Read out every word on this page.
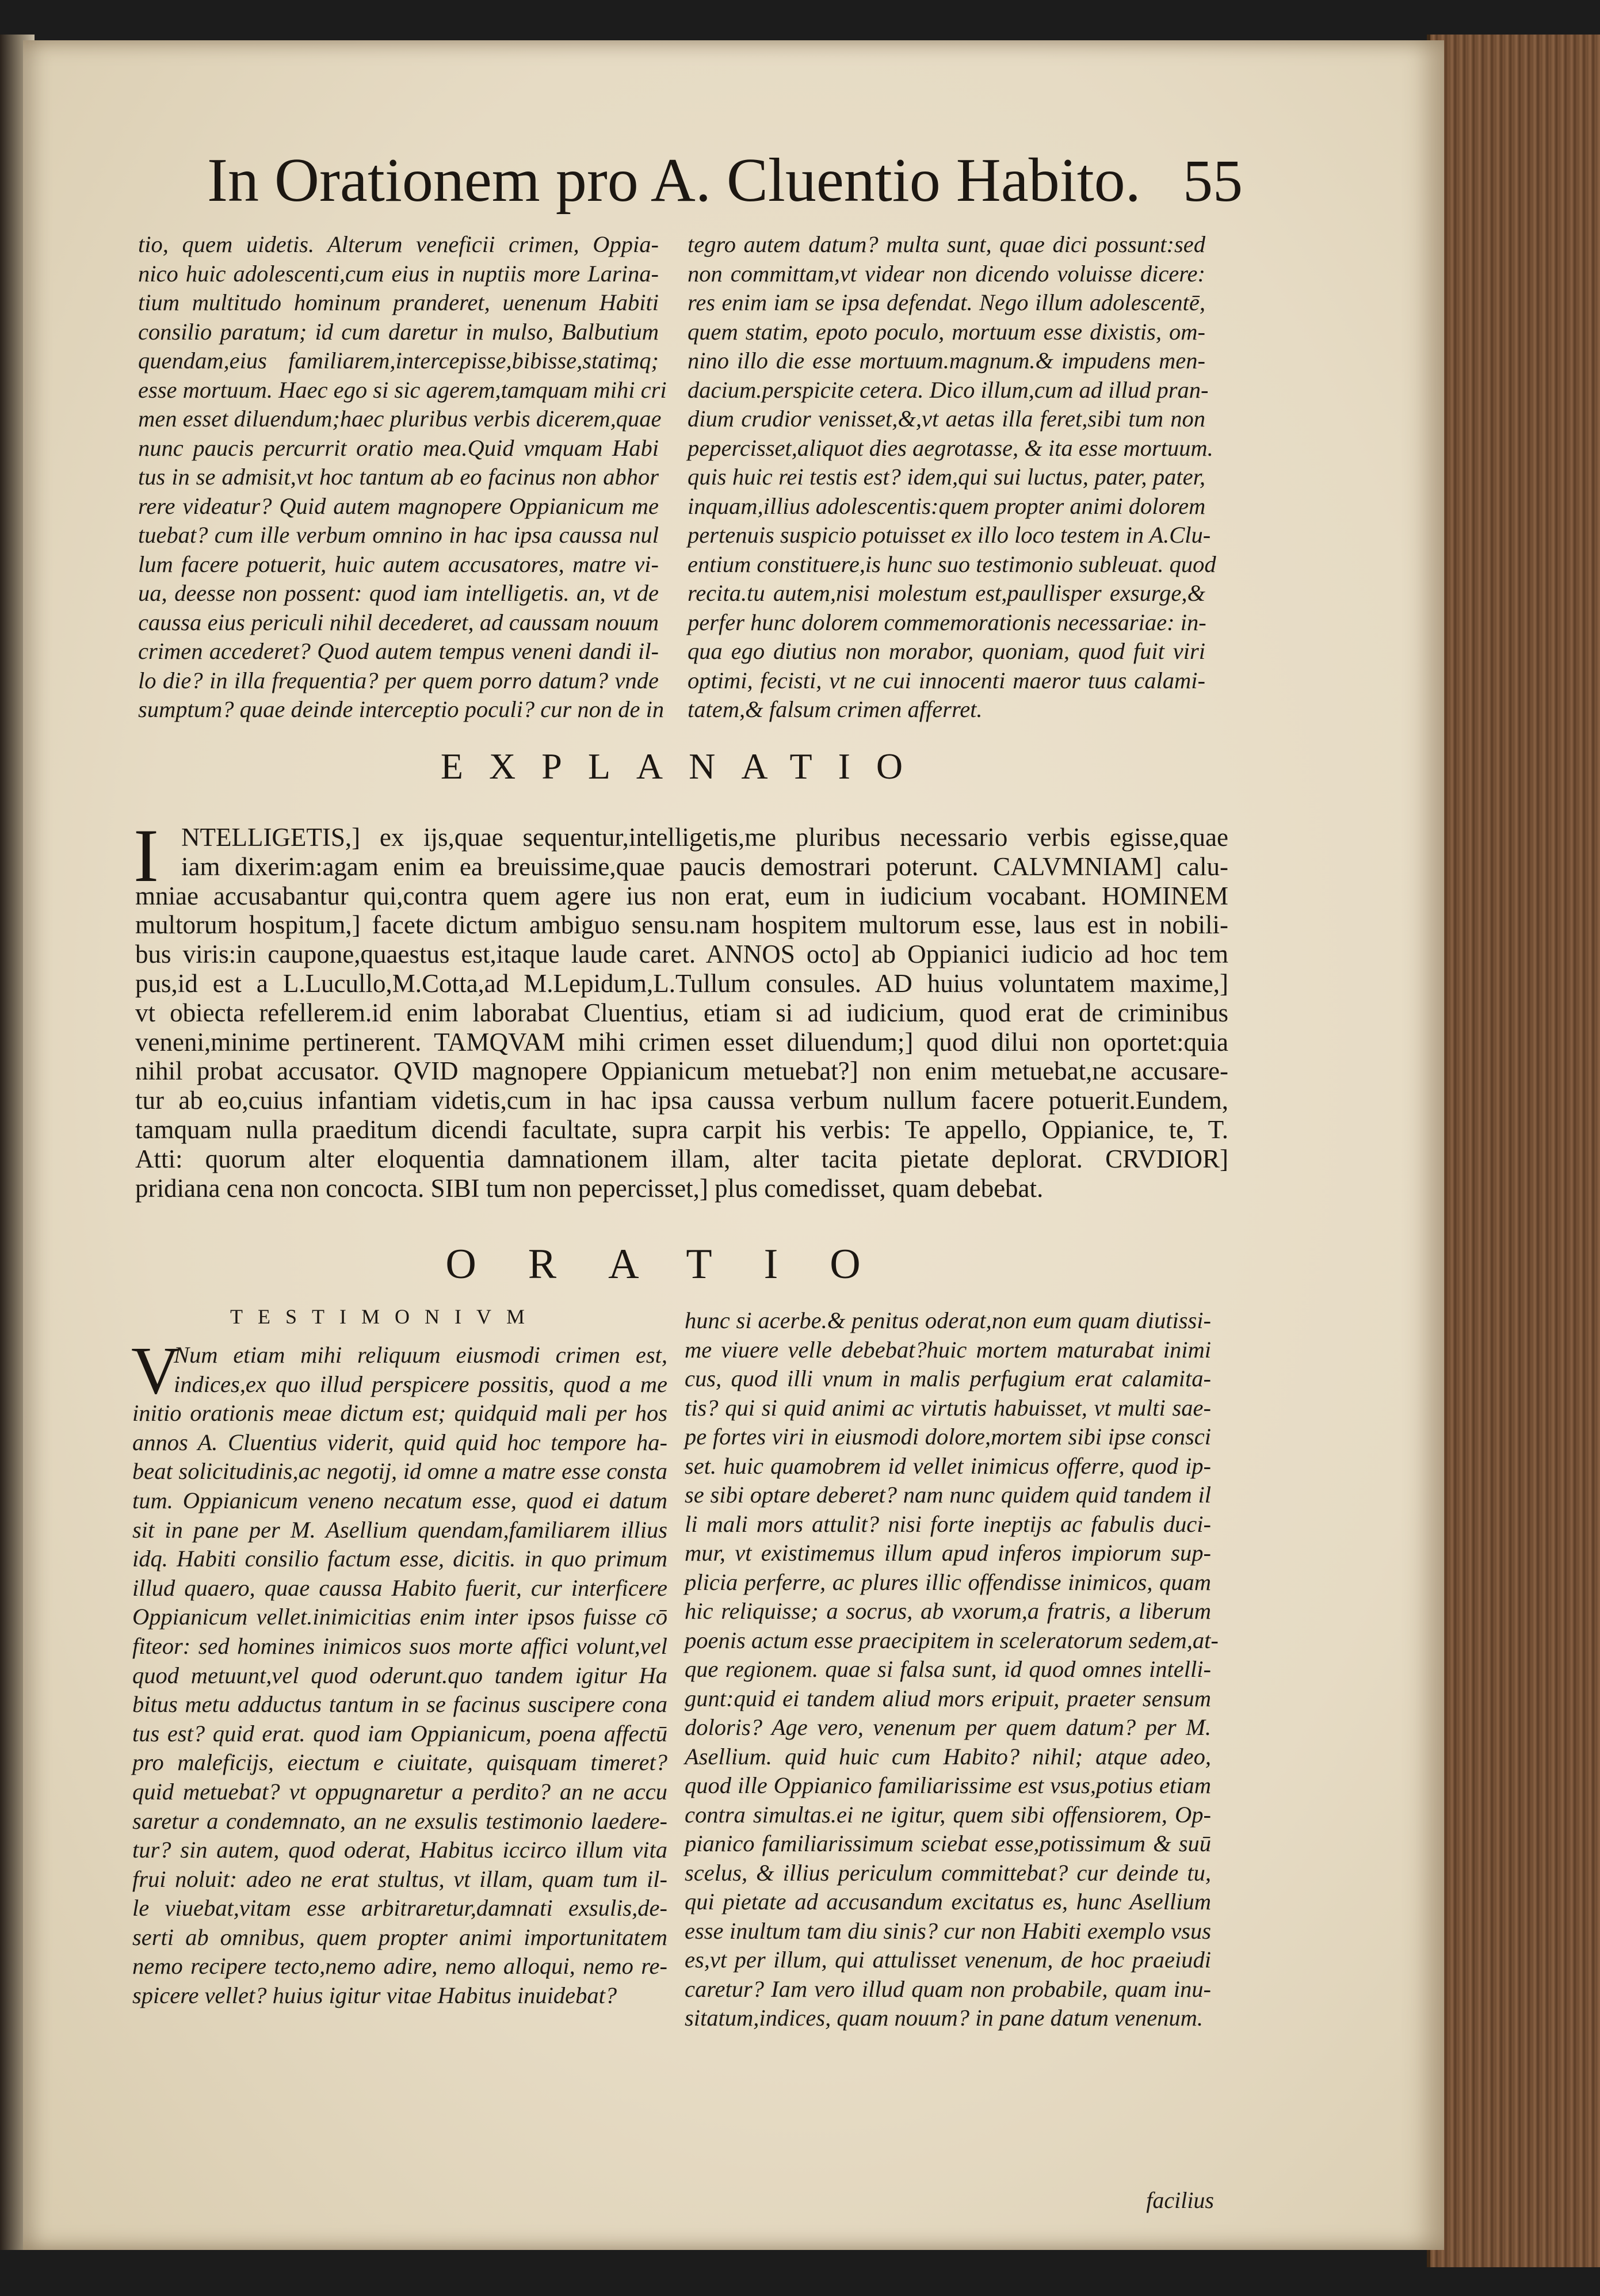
In Orationem pro A. Cluentio Habito. 55

tio, quem uidetis. Alterum veneficii crimen, Oppia-

nico huic adolescenti,cum eius in nuptiis more Larina-

tium multitudo hominum pranderet, uenenum Habiti

consilio paratum; id cum daretur in mulso, Balbutium

quendam,eius familiarem,intercepisse,bibisse,statimq;

esse mortuum. Haec ego si sic agerem,tamquam mihi cri

men esset diluendum;haec pluribus verbis dicerem,quae

nunc paucis percurrit oratio mea.Quid vmquam Habi

tus in se admisit,vt hoc tantum ab eo facinus non abhor

rere videatur? Quid autem magnopere Oppianicum me

tuebat? cum ille verbum omnino in hac ipsa caussa nul

lum facere potuerit, huic autem accusatores, matre vi-

ua, deesse non possent: quod iam intelligetis. an, vt de

caussa eius periculi nihil decederet, ad caussam nouum

crimen accederet? Quod autem tempus veneni dandi il-

lo die? in illa frequentia? per quem porro datum? vnde

sumptum? quae deinde interceptio poculi? cur non de in

tegro autem datum? multa sunt, quae dici possunt:sed

non committam,vt videar non dicendo voluisse dicere:

res enim iam se ipsa defendat. Nego illum adolescentē,

quem statim, epoto poculo, mortuum esse dixistis, om-

nino illo die esse mortuum.magnum.& impudens men-

dacium.perspicite cetera. Dico illum,cum ad illud pran-

dium crudior venisset,&,vt aetas illa feret,sibi tum non

pepercisset,aliquot dies aegrotasse, & ita esse mortuum.

quis huic rei testis est? idem,qui sui luctus, pater, pater,

inquam,illius adolescentis:quem propter animi dolorem

pertenuis suspicio potuisset ex illo loco testem in A.Clu-

entium constituere,is hunc suo testimonio subleuat. quod

recita.tu autem,nisi molestum est,paullisper exsurge,&

perfer hunc dolorem commemorationis necessariae: in-

qua ego diutius non morabor, quoniam, quod fuit viri

optimi, fecisti, vt ne cui innocenti maeror tuus calami-

tatem,& falsum crimen afferret.

EXPLANATIO
I NTELLIGETIS,] ex ijs,quae sequentur,intelligetis,me pluribus necessario verbis egisse,quae

iam dixerim:agam enim ea breuissime,quae paucis demostrari poterunt. CALVMNIAM] calu-

mniae accusabantur qui,contra quem agere ius non erat, eum in iudicium vocabant. HOMINEM

multorum hospitum,] facete dictum ambiguo sensu.nam hospitem multorum esse, laus est in nobili-

bus viris:in caupone,quaestus est,itaque laude caret. ANNOS octo] ab Oppianici iudicio ad hoc tem

pus,id est a L.Lucullo,M.Cotta,ad M.Lepidum,L.Tullum consules. AD huius voluntatem maxime,]

vt obiecta refellerem.id enim laborabat Cluentius, etiam si ad iudicium, quod erat de criminibus

veneni,minime pertinerent. TAMQVAM mihi crimen esset diluendum;] quod dilui non oportet:quia

nihil probat accusator. QVID magnopere Oppianicum metuebat?] non enim metuebat,ne accusare-

tur ab eo,cuius infantiam videtis,cum in hac ipsa caussa verbum nullum facere potuerit.Eundem,

tamquam nulla praeditum dicendi facultate, supra carpit his verbis: Te appello, Oppianice, te, T.

Atti: quorum alter eloquentia damnationem illam, alter tacita pietate deplorat. CRVDIOR]

pridiana cena non concocta. SIBI tum non pepercisset,] plus comedisset, quam debebat.

ORATIO
TESTIMONIVM
V

Num etiam mihi reliquum eiusmodi crimen est,

indices,ex quo illud perspicere possitis, quod a me

initio orationis meae dictum est; quidquid mali per hos

annos A. Cluentius viderit, quid quid hoc tempore ha-

beat solicitudinis,ac negotij, id omne a matre esse consta

tum. Oppianicum veneno necatum esse, quod ei datum

sit in pane per M. Asellium quendam,familiarem illius

idq. Habiti consilio factum esse, dicitis. in quo primum

illud quaero, quae caussa Habito fuerit, cur interficere

Oppianicum vellet.inimicitias enim inter ipsos fuisse cō

fiteor: sed homines inimicos suos morte affici volunt,vel

quod metuunt,vel quod oderunt.quo tandem igitur Ha

bitus metu adductus tantum in se facinus suscipere cona

tus est? quid erat. quod iam Oppianicum, poena affectū

pro maleficijs, eiectum e ciuitate, quisquam timeret?

quid metuebat? vt oppugnaretur a perdito? an ne accu

saretur a condemnato, an ne exsulis testimonio laedere-

tur? sin autem, quod oderat, Habitus iccirco illum vita

frui noluit: adeo ne erat stultus, vt illam, quam tum il-

le viuebat,vitam esse arbitraretur,damnati exsulis,de-

serti ab omnibus, quem propter animi importunitatem

nemo recipere tecto,nemo adire, nemo alloqui, nemo re-

spicere vellet? huius igitur vitae Habitus inuidebat?

hunc si acerbe.& penitus oderat,non eum quam diutissi-

me viuere velle debebat?huic mortem maturabat inimi

cus, quod illi vnum in malis perfugium erat calamita-

tis? qui si quid animi ac virtutis habuisset, vt multi sae-

pe fortes viri in eiusmodi dolore,mortem sibi ipse consci

set. huic quamobrem id vellet inimicus offerre, quod ip-

se sibi optare deberet? nam nunc quidem quid tandem il

li mali mors attulit? nisi forte ineptijs ac fabulis duci-

mur, vt existimemus illum apud inferos impiorum sup-

plicia perferre, ac plures illic offendisse inimicos, quam

hic reliquisse; a socrus, ab vxorum,a fratris, a liberum

poenis actum esse praecipitem in sceleratorum sedem,at-

que regionem. quae si falsa sunt, id quod omnes intelli-

gunt:quid ei tandem aliud mors eripuit, praeter sensum

doloris? Age vero, venenum per quem datum? per M.

Asellium. quid huic cum Habito? nihil; atque adeo,

quod ille Oppianico familiarissime est vsus,potius etiam

contra simultas.ei ne igitur, quem sibi offensiorem, Op-

pianico familiarissimum sciebat esse,potissimum & suū

scelus, & illius periculum committebat? cur deinde tu,

qui pietate ad accusandum excitatus es, hunc Asellium

esse inultum tam diu sinis? cur non Habiti exemplo vsus

es,vt per illum, qui attulisset venenum, de hoc praeiudi

caretur? Iam vero illud quam non probabile, quam inu-

sitatum,indices, quam nouum? in pane datum venenum.

facilius
